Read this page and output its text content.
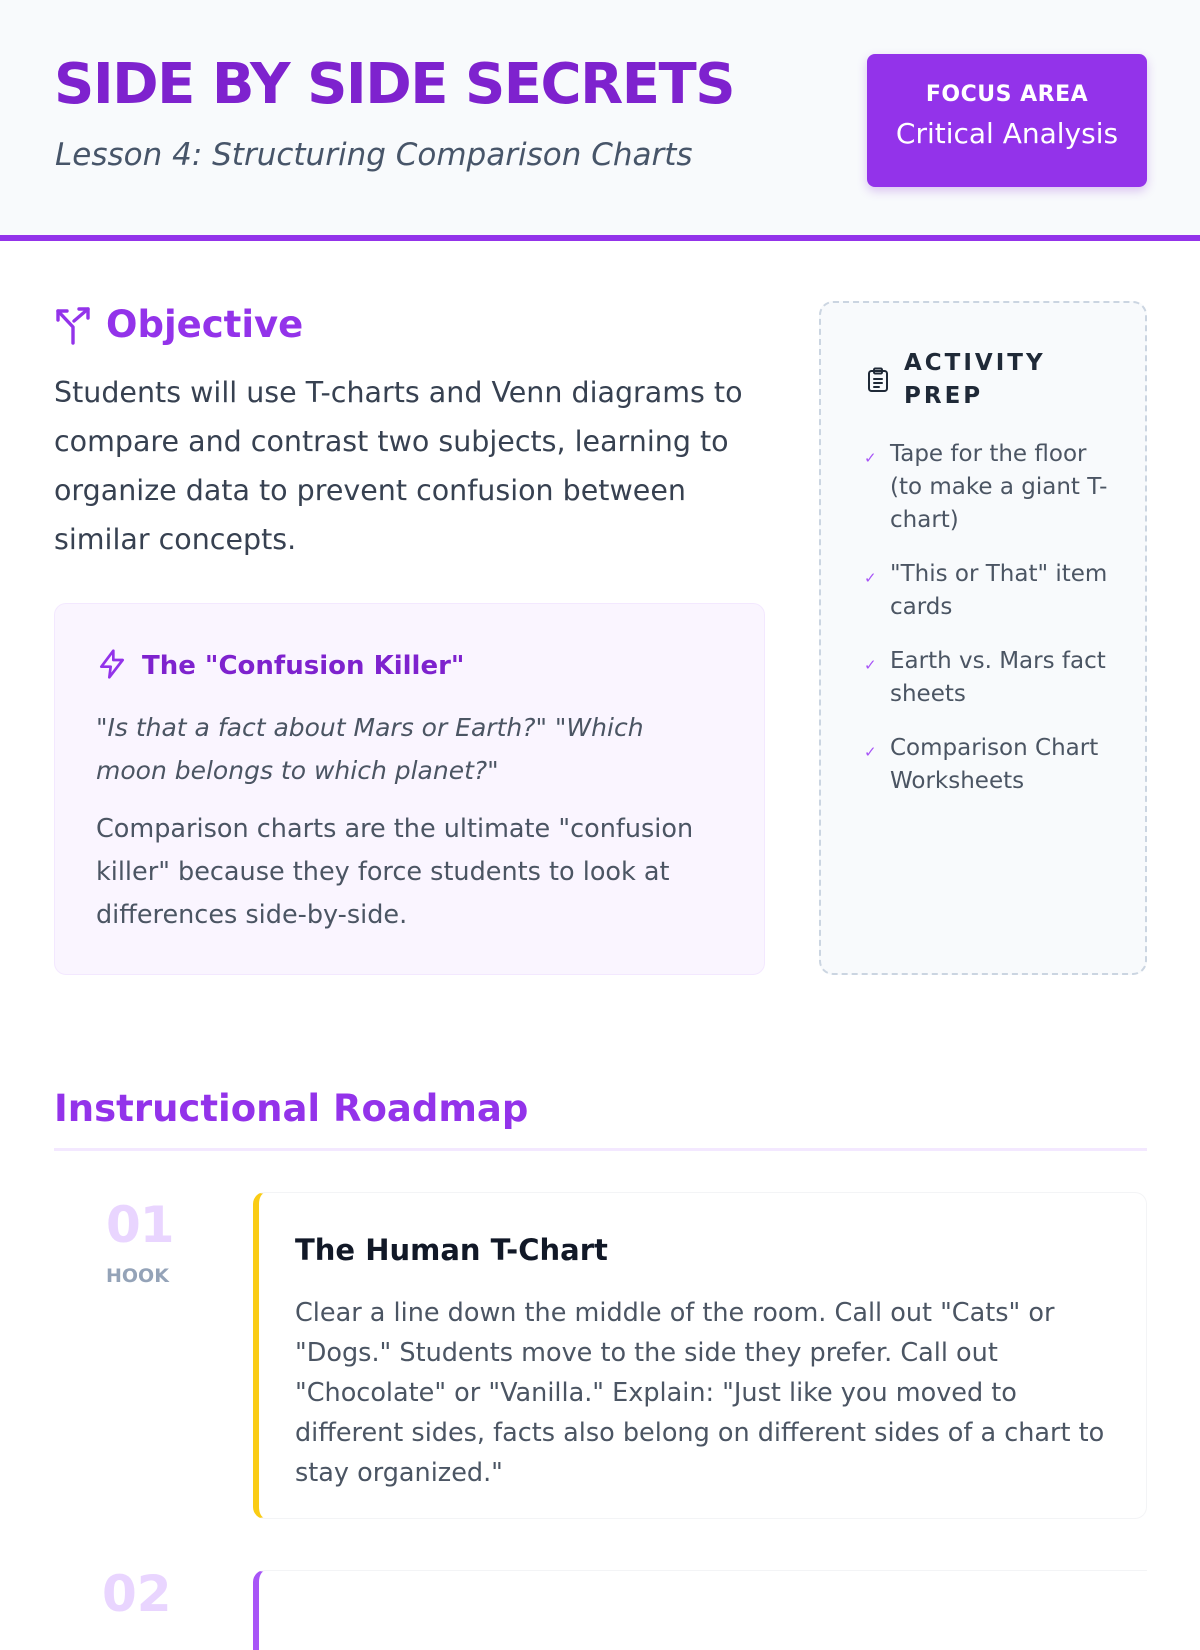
SIDE BY SIDE SECRETS

Lesson 4: Structuring Comparison Charts

FOCUS AREA
Critical Analysis
Objective

Students will use T-charts and Venn diagrams to compare and contrast two subjects, learning to organize data to prevent confusion between similar concepts.

The "Confusion Killer"

"Is that a fact about Mars or Earth?" "Which moon belongs to which planet?"

Comparison charts are the ultimate "confusion killer" because they force students to look at differences side-by-side.

ACTIVITY PREP
✓ Tape for the floor (to make a giant T-chart)
✓ "This or That" item cards
✓ Earth vs. Mars fact sheets
✓ Comparison Chart Worksheets
Instructional Roadmap
01
HOOK
The Human T-Chart

Clear a line down the middle of the room. Call out "Cats" or "Dogs." Students move to the side they prefer. Call out "Chocolate" or "Vanilla." Explain: "Just like you moved to different sides, facts also belong on different sides of a chart to stay organized."

02
